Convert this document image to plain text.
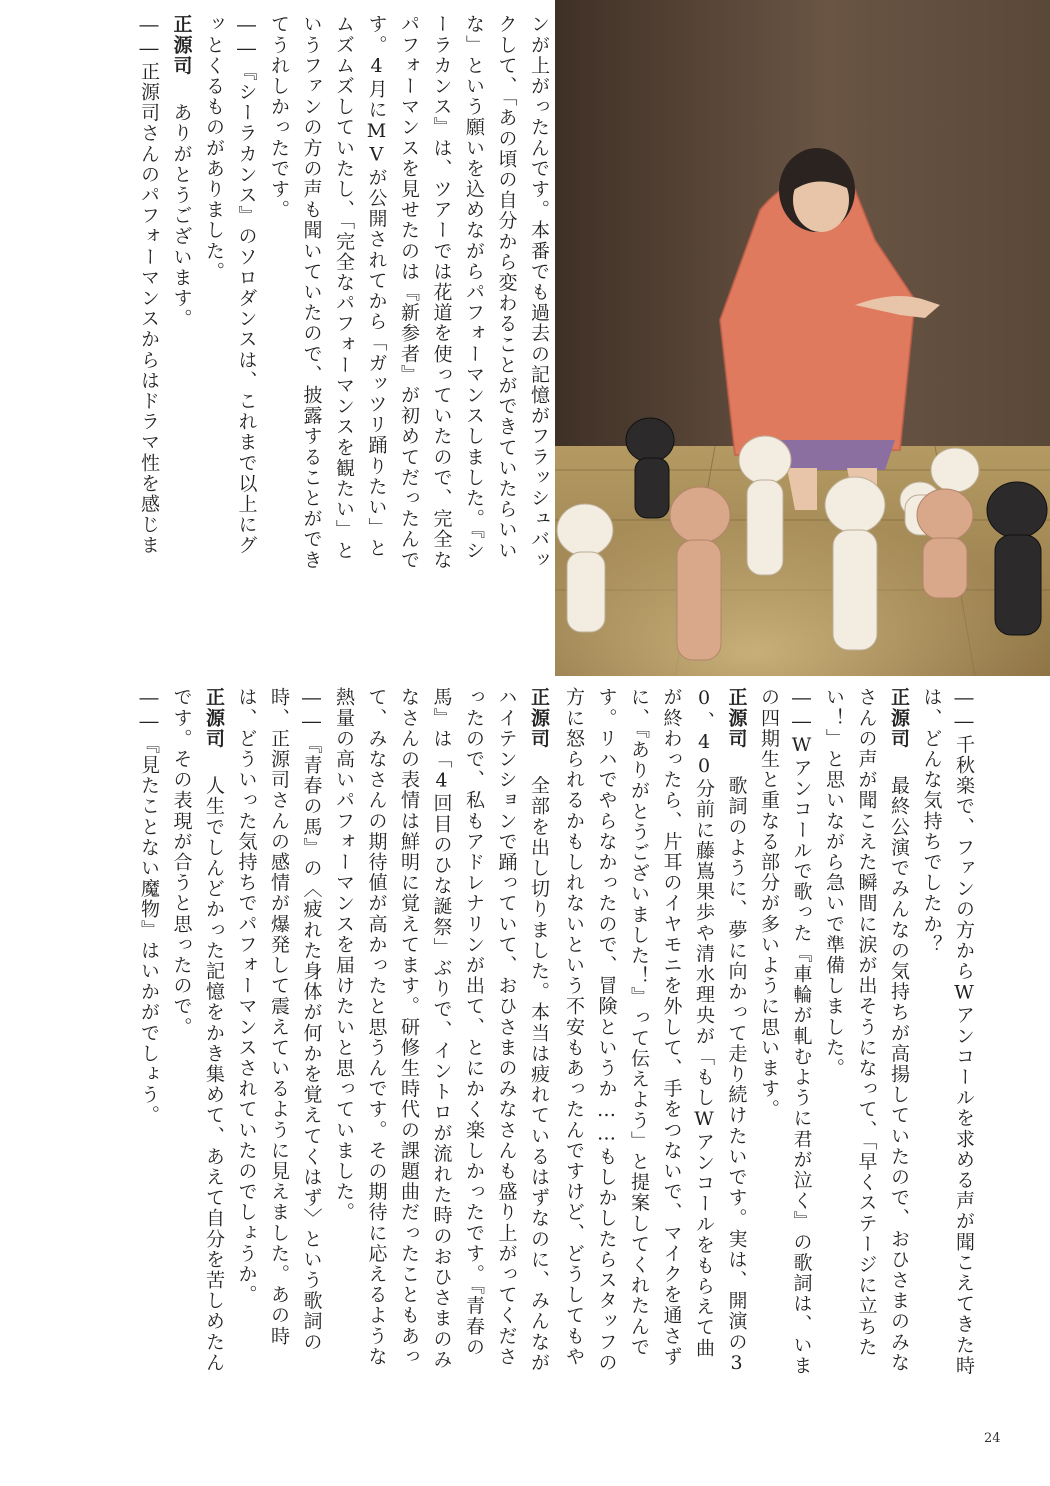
ンが上がったんです。本番でも過去の記憶がフラッシュバックして、「あの頃の自分から変わることができていたらいいな」という願いを込めながらパフォーマンスしました。『シーラカンス』は、ツアーでは花道を使っていたので、完全なパフォーマンスを見せたのは『新参者』が初めてだったんです。4月にMVが公開されてから「ガッツリ踊りたい」とムズムズしていたし、「完全なパフォーマンスを観たい」というファンの方の声も聞いていたので、披露することができてうれしかったです。
――『シーラカンス』のソロダンスは、これまで以上にグッとくるものがありました。
正源司　ありがとうございます。
――正源司さんのパフォーマンスからはドラマ性を感じま

正源司　全部を出し切りました。本当は疲れているはずなのに、みんながハイテンションで踊っていて、おひさまのみなさんも盛り上がってくださったので、私もアドレナリンが出て、とにかく楽しかったです。『青春の馬』は「4回目のひな誕祭」ぶりで、イントロが流れた時のおひさまのみなさんの表情は鮮明に覚えてます。研修生時代の課題曲だったこともあって、みなさんの期待値が高かったと思うんです。その期待に応えるような熱量の高いパフォーマンスを届けたいと思っていました。
――『青春の馬』の〈疲れた身体が何かを覚えてくはず〉という歌詞の時、正源司さんの感情が爆発して震えているように見えました。あの時は、どういった気持ちでパフォーマンスされていたのでしょうか。
正源司　人生でしんどかった記憶をかき集めて、あえて自分を苦しめたんです。その表現が合うと思ったので。
――『見たことない魔物』はいかがでしょう。

　	――千秋楽で、ファンの方からWアンコールを求める声が聞こえてきた時は、どんな気持ちでしたか？
正源司　最終公演でみんなの気持ちが高揚していたので、おひさまのみなさんの声が聞こえた瞬間に涙が出そうになって、「早くステージに立ちたい！」と思いながら急いで準備しました。
――Wアンコールで歌った『車輪が軋むように君が泣く』の歌詞は、いまの四期生と重なる部分が多いように思います。
正源司　歌詞のように、夢に向かって走り続けたいです。実は、開演の30、40分前に藤嶌果歩や清水理央が「もしWアンコールをもらえて曲が終わったら、片耳のイヤモニを外して、手をつないで、マイクを通さずに、『ありがとうございました！』って伝えよう」と提案してくれたんです。リハでやらなかったので、冒険というか……もしかしたらスタッフの方に怒られるかもしれないという不安もあったんですけど、どうしてもや
24
